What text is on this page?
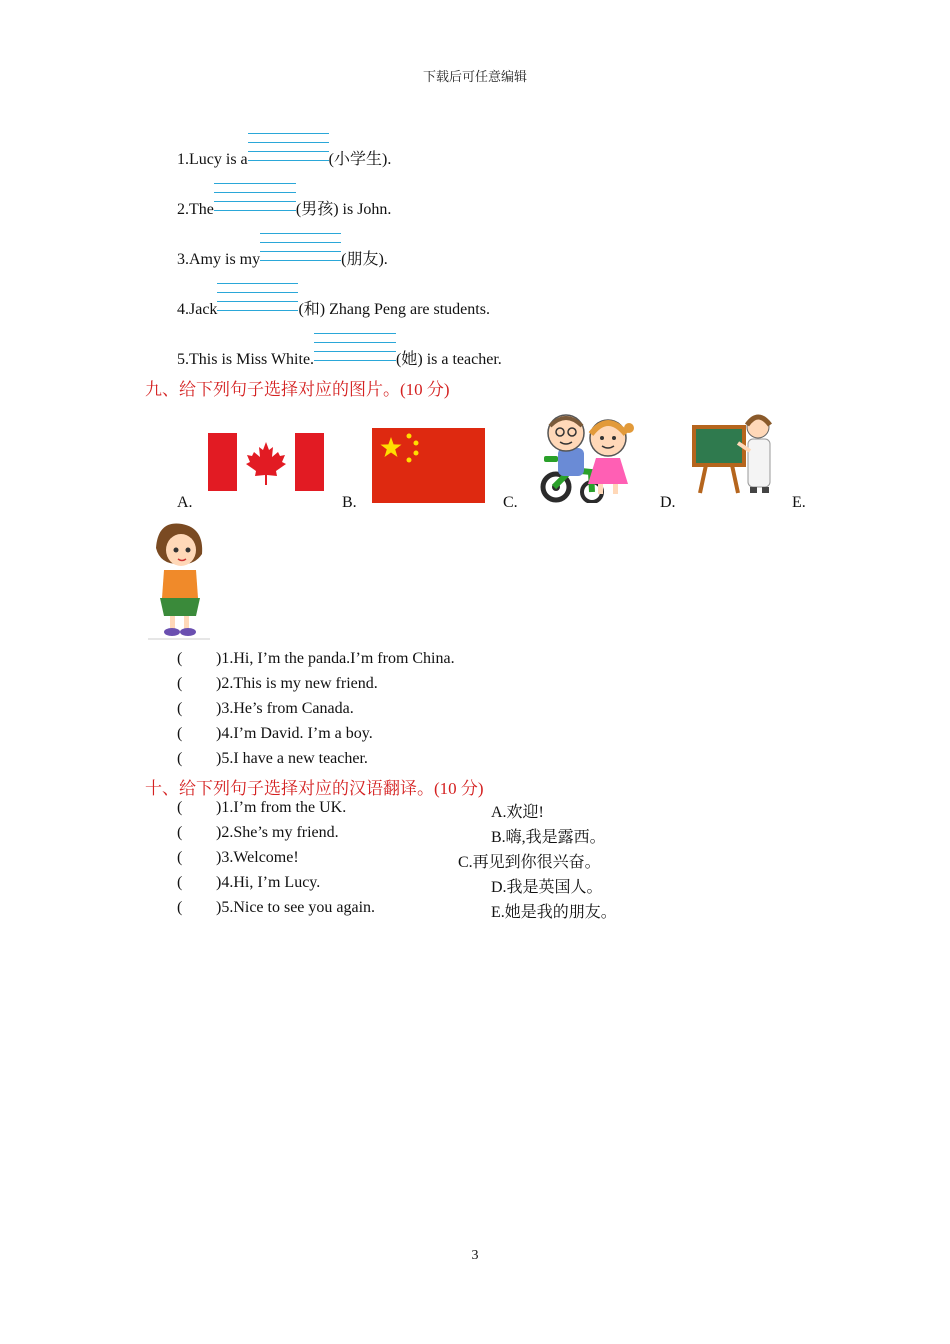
下载后可任意编辑
1.Lucy is a	(小学生).
2.The	(男孩) is John.
3.Amy is my	(朋友).
4.Jack	(和) Zhang Peng are students.
5.This is Miss White.	(她) is a teacher.
九、给下列句子选择对应的图片。(10 分)
A.	B.	C.	D.	E.
( )1.Hi, I’m the panda.I’m from China.
( )2.This is my new friend.
( )3.He’s from Canada.
( )4.I’m David. I’m a boy.
( )5.I have a new teacher.
十、给下列句子选择对应的汉语翻译。(10 分)
( )1.I’m from the UK.
( )2.She’s my friend.
( )3.Welcome!
( )4.Hi, I’m Lucy.
( )5.Nice to see you again.
A.欢迎!
B.嗨,我是露西。
C.再见到你很兴奋。
D.我是英国人。
E.她是我的朋友。
3
